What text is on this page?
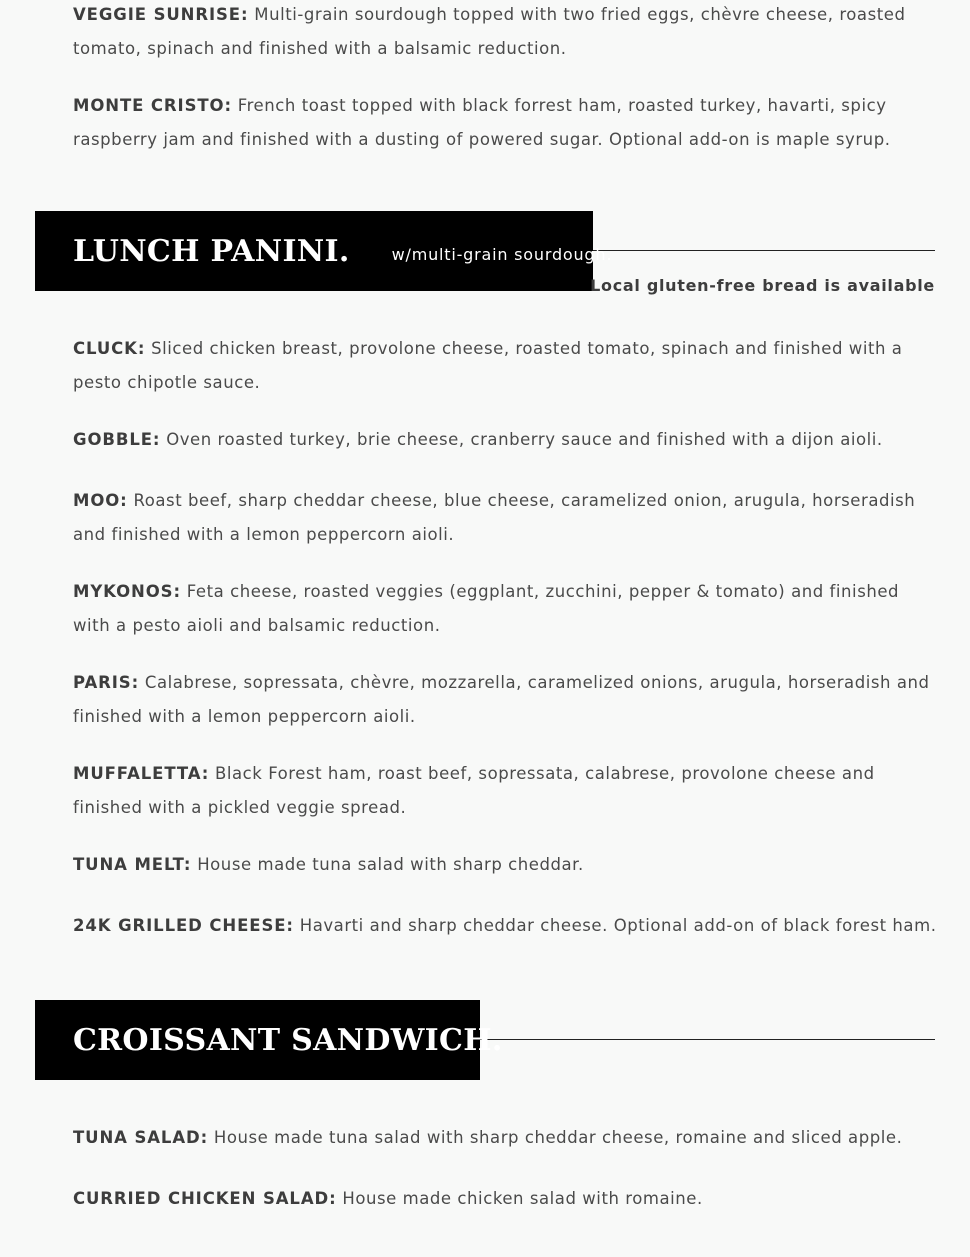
VEGGIE SUNRISE: Multi-grain sourdough topped with two fried eggs, chèvre cheese, roasted tomato, spinach and finished with a balsamic reduction.

MONTE CRISTO: French toast topped with black forrest ham, roasted turkey, havarti, spicy raspberry jam and finished with a dusting of powered sugar. Optional add-on is maple syrup.

LUNCH PANINI.	w/multi-grain sourdough.
Local gluten-free bread is available

CLUCK: Sliced chicken breast, provolone cheese, roasted tomato, spinach and finished with a pesto chipotle sauce.

GOBBLE: Oven roasted turkey, brie cheese, cranberry sauce and finished with a dijon aioli.

MOO: Roast beef, sharp cheddar cheese, blue cheese, caramelized onion, arugula, horseradish and finished with a lemon peppercorn aioli.

MYKONOS: Feta cheese, roasted veggies (eggplant, zucchini, pepper & tomato) and finished with a pesto aioli and balsamic reduction.

PARIS: Calabrese, sopressata, chèvre, mozzarella, caramelized onions, arugula, horseradish and finished with a lemon peppercorn aioli.

MUFFALETTA: Black Forest ham, roast beef, sopressata, calabrese, provolone cheese and finished with a pickled veggie spread.

TUNA MELT: House made tuna salad with sharp cheddar.

24K GRILLED CHEESE: Havarti and sharp cheddar cheese. Optional add-on of black forest ham.

CROISSANT SANDWICH.

TUNA SALAD: House made tuna salad with sharp cheddar cheese, romaine and sliced apple.

CURRIED CHICKEN SALAD: House made chicken salad with romaine.
